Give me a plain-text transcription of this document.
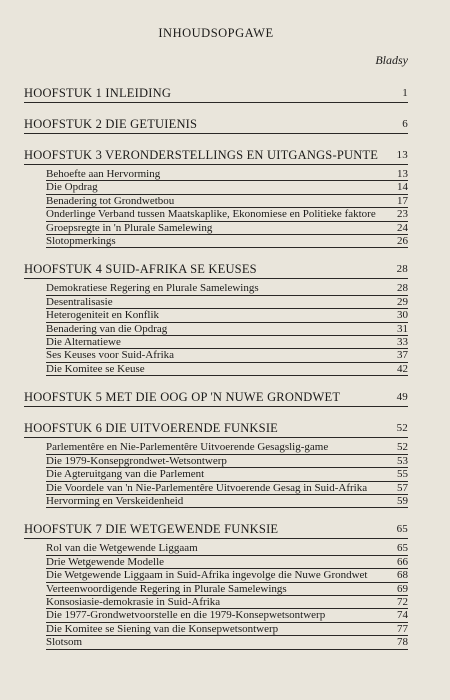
INHOUDSOPGAWE
Bladsy
HOOFSTUK 1 INLEIDING	1
HOOFSTUK 2 DIE GETUIENIS	6
HOOFSTUK 3 VERONDERSTELLINGS EN UITGANGS-PUNTE	13
Behoefte aan Hervorming	13
Die Opdrag	14
Benadering tot Grondwetbou	17
Onderlinge Verband tussen Maatskaplike, Ekonomiese en Politieke faktore	23
Groepsregte in 'n Plurale Samelewing	24
Slotopmerkings	26
HOOFSTUK 4 SUID-AFRIKA SE KEUSES	28
Demokratiese Regering en Plurale Samelewings	28
Desentralisasie	29
Heterogeniteit en Konflik	30
Benadering van die Opdrag	31
Die Alternatiewe	33
Ses Keuses voor Suid-Afrika	37
Die Komitee se Keuse	42
HOOFSTUK 5 MET DIE OOG OP 'N NUWE GRONDWET	49
HOOFSTUK 6 DIE UITVOERENDE FUNKSIE	52
Parlementêre en Nie-Parlementêre Uitvoerende Gesagslig-game	52
Die 1979-Konsepgrondwet-Wetsontwerp	53
Die Agteruitgang van die Parlement	55
Die Voordele van 'n Nie-Parlementêre Uitvoerende Gesag in Suid-Afrika	57
Hervorming en Verskeidenheid	59
HOOFSTUK 7 DIE WETGEWENDE FUNKSIE	65
Rol van die Wetgewende Liggaam	65
Drie Wetgewende Modelle	66
Die Wetgewende Liggaam in Suid-Afrika ingevolge die Nuwe Grondwet	68
Verteenwoordigende Regering in Plurale Samelewings	69
Konsosiasie-demokrasie in Suid-Afrika	72
Die 1977-Grondwetvoorstelle en die 1979-Konsepwetsontwerp	74
Die Komitee se Siening van die Konsepwetsontwerp	77
Slotsom	78
